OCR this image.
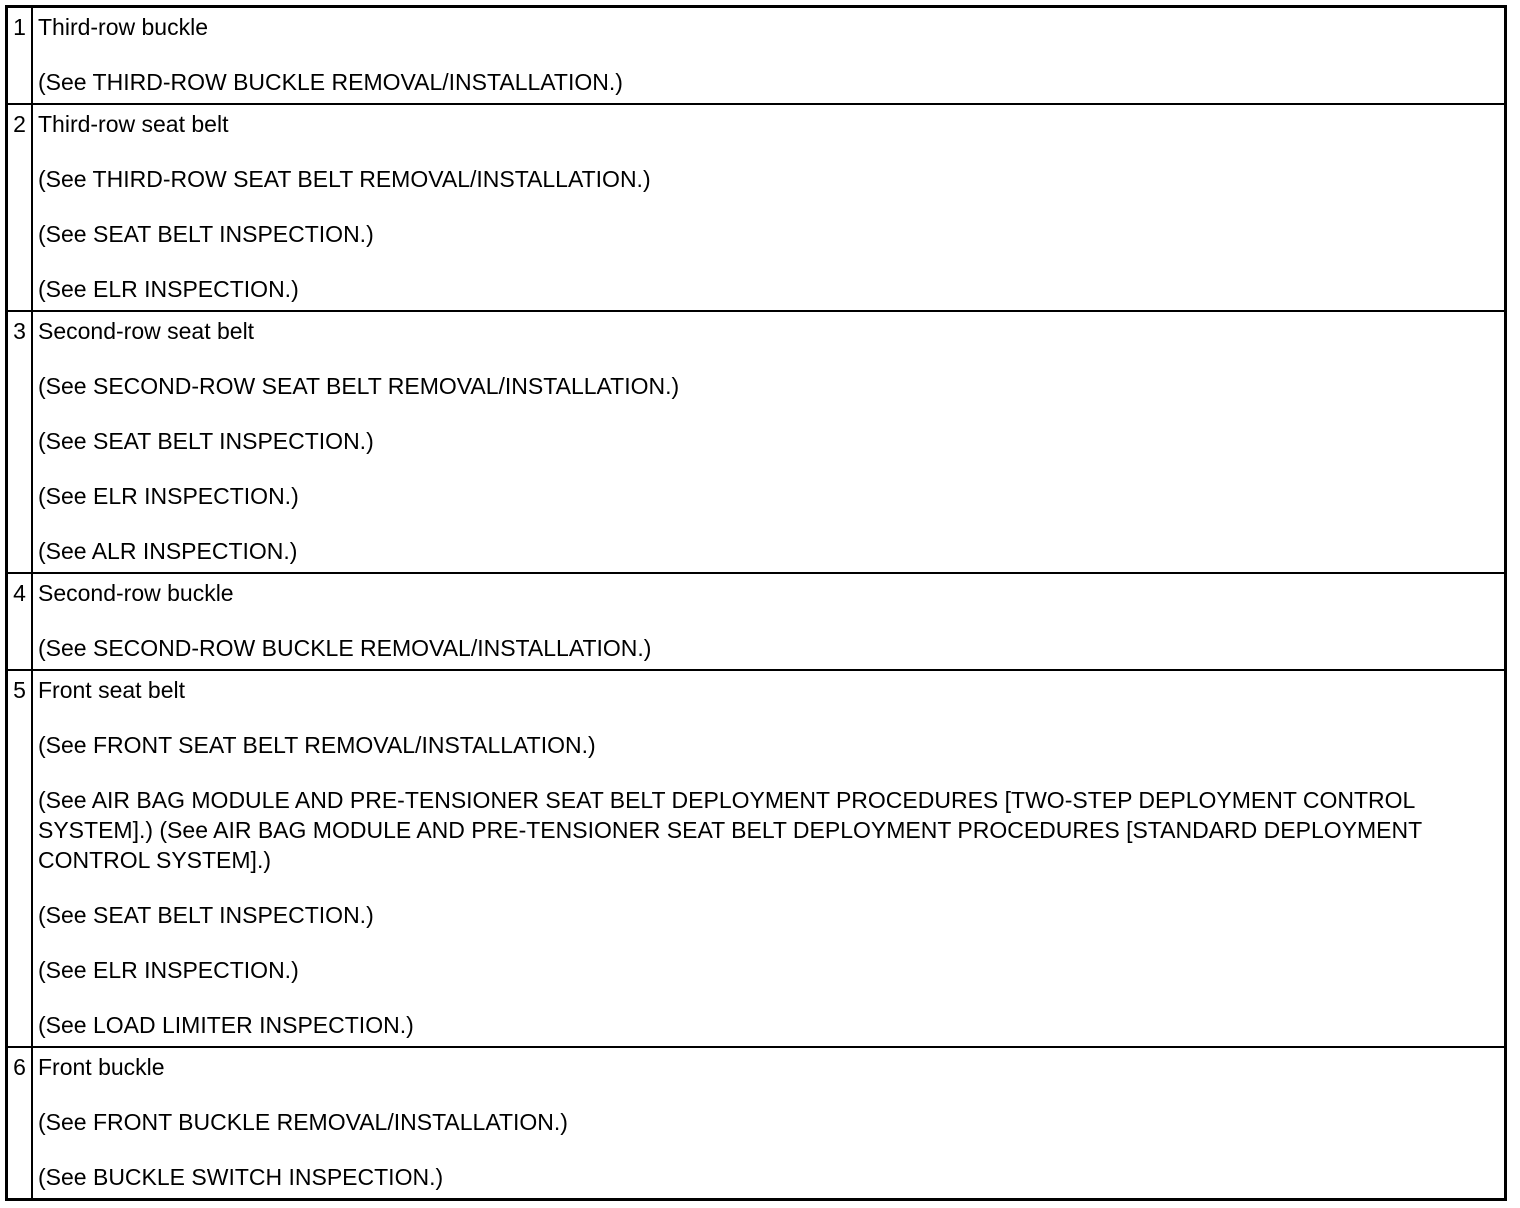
1 Third-row buckle
(See THIRD-ROW BUCKLE REMOVAL/INSTALLATION.)
2 Third-row seat belt
(See THIRD-ROW SEAT BELT REMOVAL/INSTALLATION.)
(See SEAT BELT INSPECTION.)
(See ELR INSPECTION.)
3 Second-row seat belt
(See SECOND-ROW SEAT BELT REMOVAL/INSTALLATION.)
(See SEAT BELT INSPECTION.)
(See ELR INSPECTION.)
(See ALR INSPECTION.)
4 Second-row buckle
(See SECOND-ROW BUCKLE REMOVAL/INSTALLATION.)
5 Front seat belt
(See FRONT SEAT BELT REMOVAL/INSTALLATION.)
(See AIR BAG MODULE AND PRE-TENSIONER SEAT BELT DEPLOYMENT PROCEDURES [TWO-STEP DEPLOYMENT CONTROL SYSTEM].) (See AIR BAG MODULE AND PRE-TENSIONER SEAT BELT DEPLOYMENT PROCEDURES [STANDARD DEPLOYMENT CONTROL SYSTEM].)
(See SEAT BELT INSPECTION.)
(See ELR INSPECTION.)
(See LOAD LIMITER INSPECTION.)
6 Front buckle
(See FRONT BUCKLE REMOVAL/INSTALLATION.)
(See BUCKLE SWITCH INSPECTION.)
